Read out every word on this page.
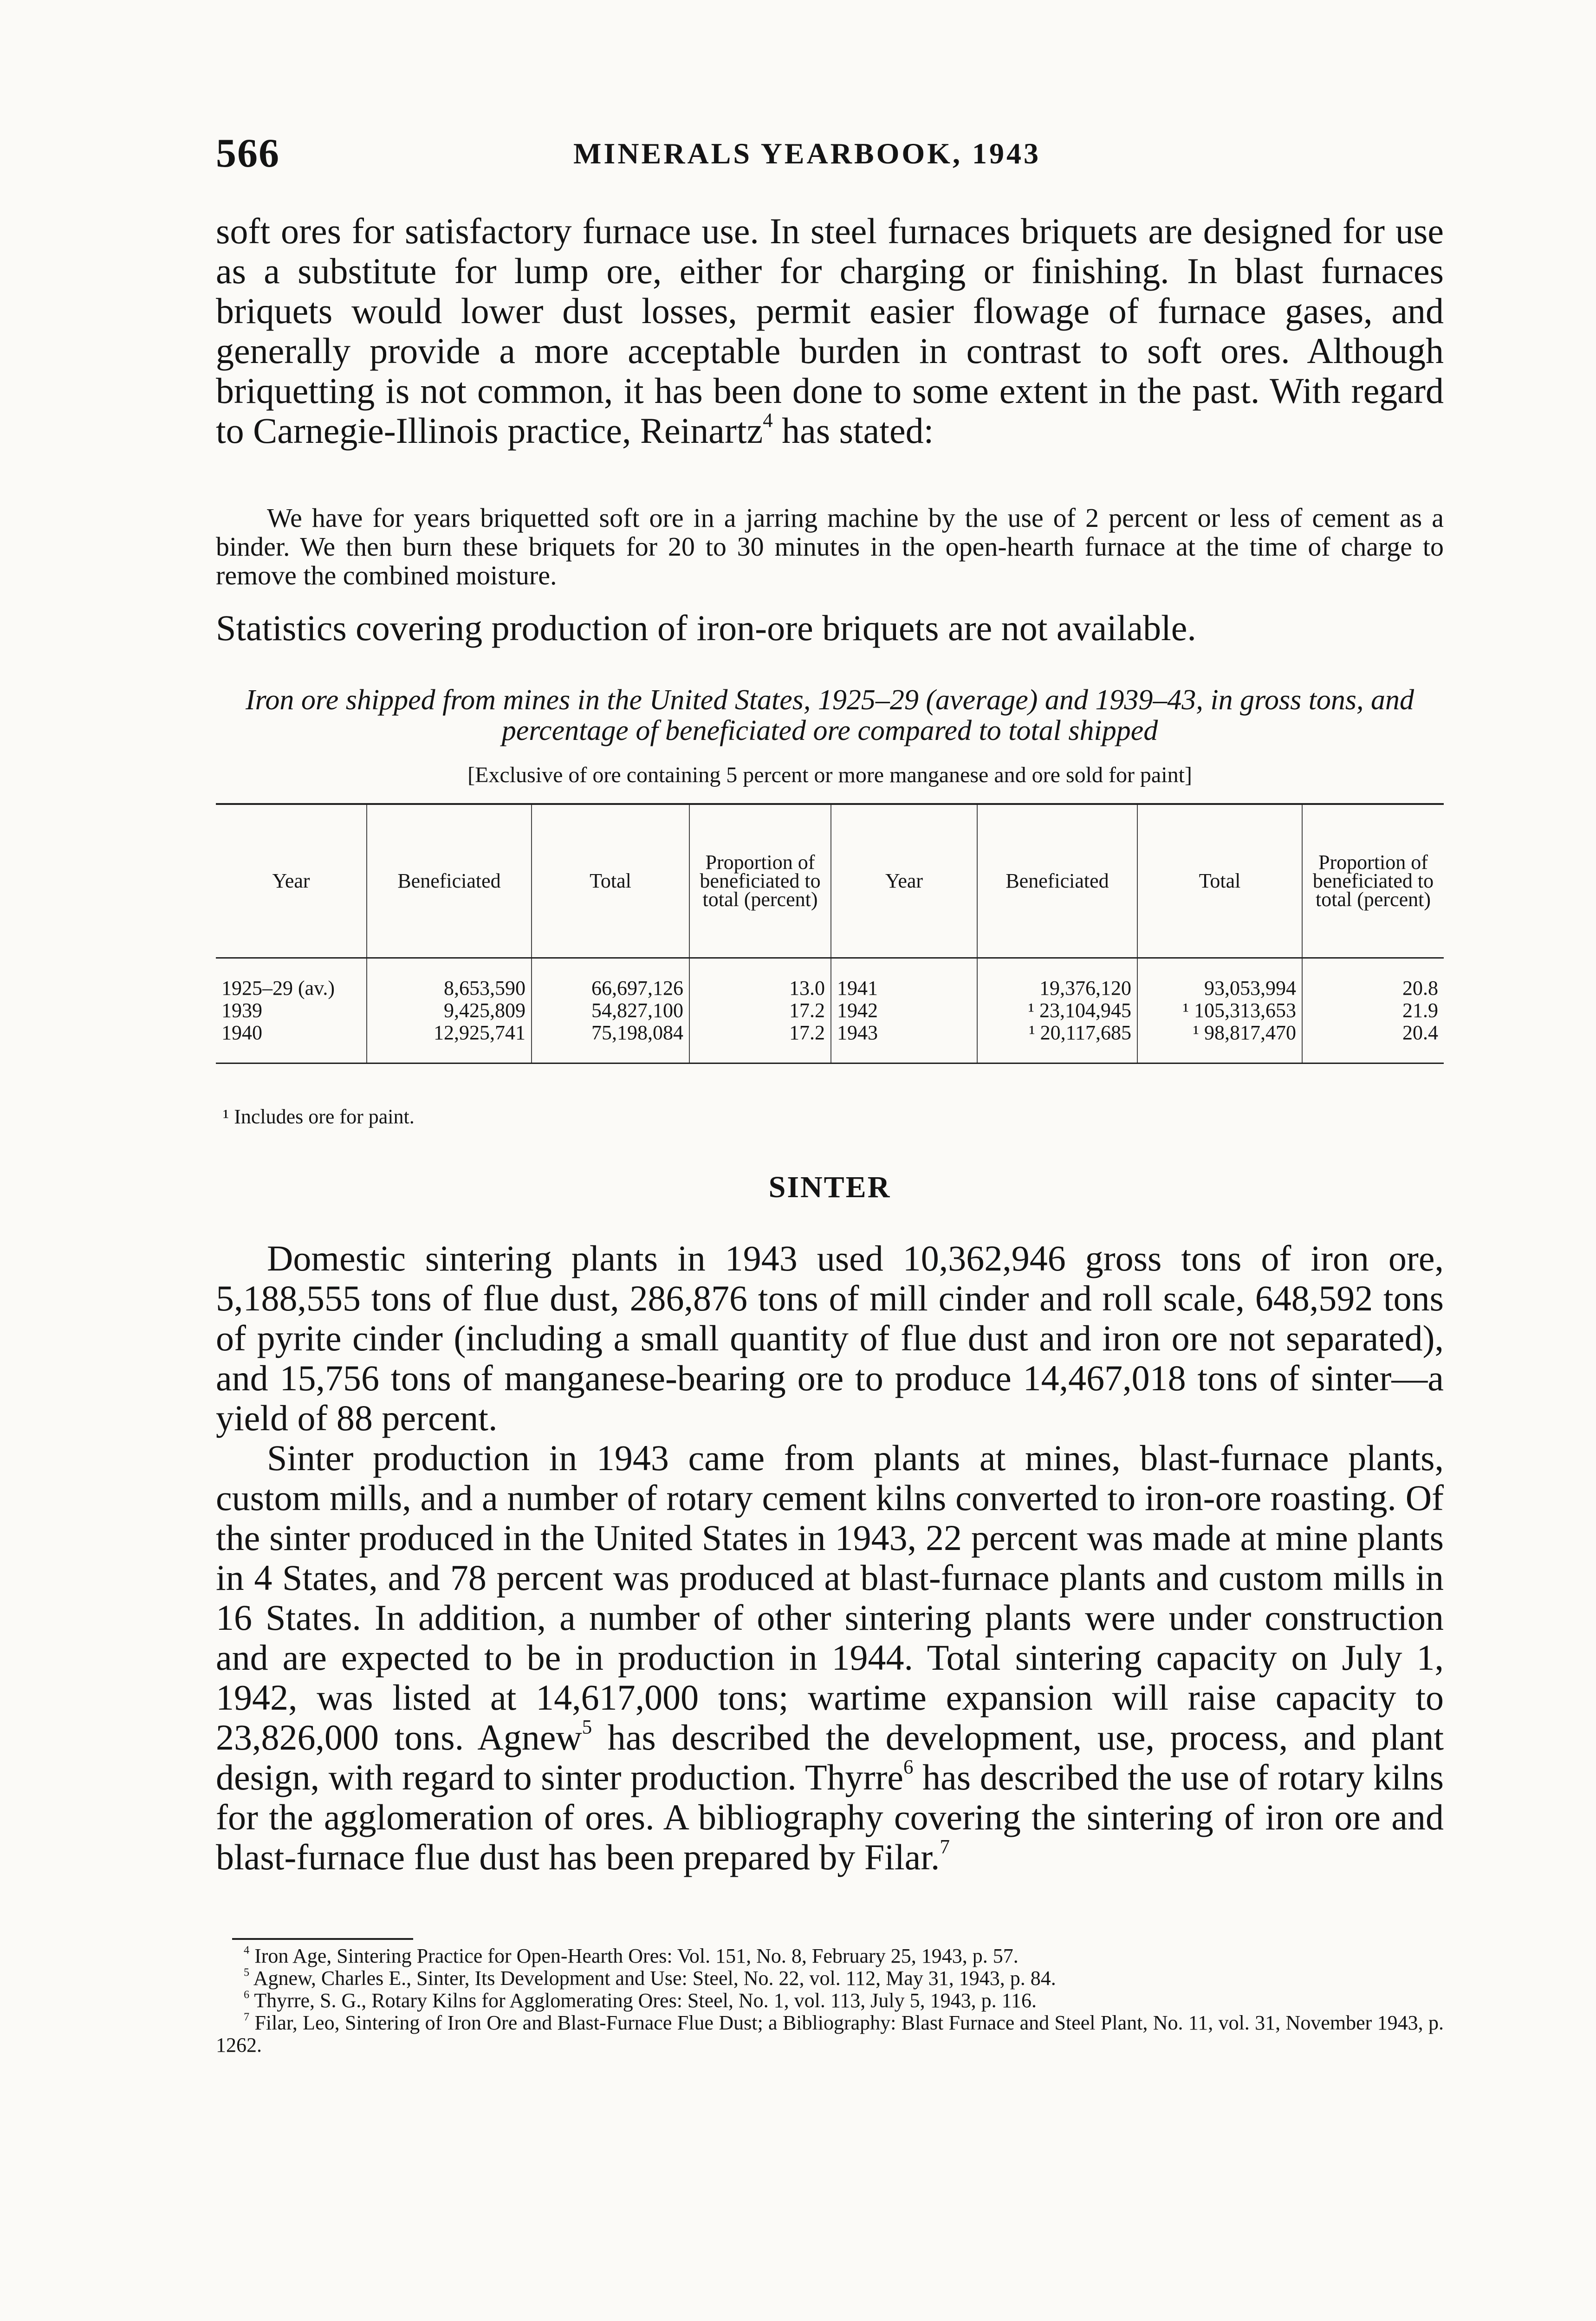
566	MINERALS YEARBOOK, 1943

soft ores for satisfactory furnace use. In steel furnaces briquets are designed for use as a substitute for lump ore, either for charging or finishing. In blast furnaces briquets would lower dust losses, permit easier flowage of furnace gases, and generally provide a more acceptable burden in contrast to soft ores. Although briquetting is not common, it has been done to some extent in the past. With regard to Carnegie-Illinois practice, Reinartz$^4$ has stated:

We have for years briquetted soft ore in a jarring machine by the use of 2 percent or less of cement as a binder. We then burn these briquets for 20 to 30 minutes in the open-hearth furnace at the time of charge to remove the combined moisture.

Statistics covering production of iron-ore briquets are not available.

Iron ore shipped from mines in the United States, 1925–29 (average) and 1939–43, in gross tons, and percentage of beneficiated ore compared to total shipped

[Exclusive of ore containing 5 percent or more manganese and ore sold for paint]

Year	Beneficiated	Total	Proportion of beneficiated to total (percent)	Year	Beneficiated	Total	Proportion of beneficiated to total (percent)
1925–29 (av.)	8,653,590	66,697,126	13.0	1941	19,376,120	93,053,994	20.8
1939	9,425,809	54,827,100	17.2	1942	¹ 23,104,945	¹ 105,313,653	21.9
1940	12,925,741	75,198,084	17.2	1943	¹ 20,117,685	¹ 98,817,470	20.4
¹ Includes ore for paint.
SINTER

Domestic sintering plants in 1943 used 10,362,946 gross tons of iron ore, 5,188,555 tons of flue dust, 286,876 tons of mill cinder and roll scale, 648,592 tons of pyrite cinder (including a small quantity of flue dust and iron ore not separated), and 15,756 tons of manganese-bearing ore to produce 14,467,018 tons of sinter—a yield of 88 percent.

Sinter production in 1943 came from plants at mines, blast-furnace plants, custom mills, and a number of rotary cement kilns converted to iron-ore roasting. Of the sinter produced in the United States in 1943, 22 percent was made at mine plants in 4 States, and 78 percent was produced at blast-furnace plants and custom mills in 16 States. In addition, a number of other sintering plants were under construction and are expected to be in production in 1944. Total sintering capacity on July 1, 1942, was listed at 14,617,000 tons; wartime expansion will raise capacity to 23,826,000 tons. Agnew$^5$ has described the development, use, process, and plant design, with regard to sinter production. Thyrre$^6$ has described the use of rotary kilns for the agglomeration of ores. A bibliography covering the sintering of iron ore and blast-furnace flue dust has been prepared by Filar.$^7$

$^4$ Iron Age, Sintering Practice for Open-Hearth Ores: Vol. 151, No. 8, February 25, 1943, p. 57.
$^5$ Agnew, Charles E., Sinter, Its Development and Use: Steel, No. 22, vol. 112, May 31, 1943, p. 84.
$^6$ Thyrre, S. G., Rotary Kilns for Agglomerating Ores: Steel, No. 1, vol. 113, July 5, 1943, p. 116.
$^7$ Filar, Leo, Sintering of Iron Ore and Blast-Furnace Flue Dust; a Bibliography: Blast Furnace and Steel Plant, No. 11, vol. 31, November 1943, p. 1262.
